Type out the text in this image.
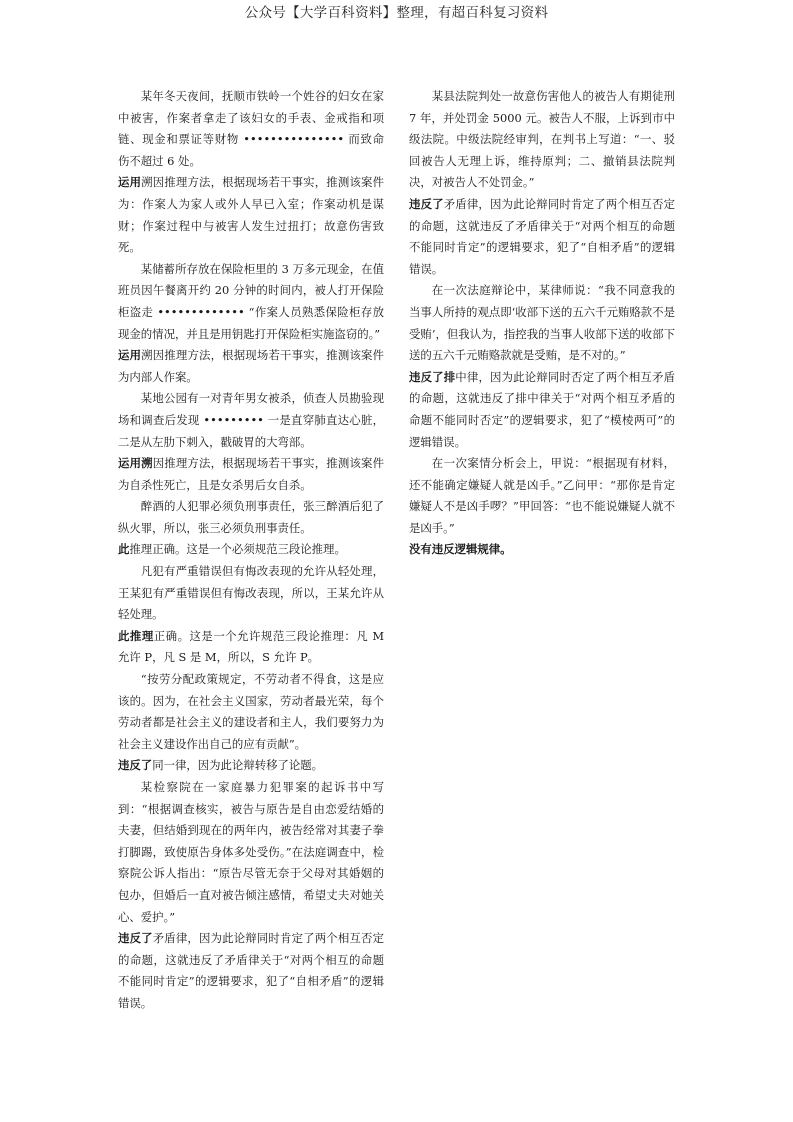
公众号【大学百科资料】整理，有超百科复习资料

某年冬天夜间，抚顺市铁岭一个姓谷的妇女在家中被害，作案者拿走了该妇女的手表、金戒指和项链、现金和票证等财物 ••••••••••••••• 而致命伤不超过 6 处。

运用溯因推理方法，根据现场若干事实，推测该案件为：作案人为家人或外人早已入室；作案动机是谋财；作案过程中与被害人发生过扭打；故意伤害致死。

某储蓄所存放在保险柜里的 3 万多元现金，在值班员因午餐离开约 20 分钟的时间内，被人打开保险柜盗走 ••••••••••••• “作案人员熟悉保险柜存放现金的情况，并且是用钥匙打开保险柜实施盗窃的。”

运用溯因推理方法，根据现场若干事实，推测该案件为内部人作案。

某地公园有一对青年男女被杀，侦查人员勘验现场和调查后发现 ••••••••• 一是直穿肺直达心脏，二是从左肋下刺入，戳破胃的大弯部。

运用溯因推理方法，根据现场若干事实，推测该案件为自杀性死亡，且是女杀男后女自杀。

醉酒的人犯罪必须负刑事责任，张三醉酒后犯了纵火罪，所以，张三必须负刑事责任。

此推理正确。这是一个必须规范三段论推理。

凡犯有严重错误但有悔改表现的允许从轻处理，王某犯有严重错误但有悔改表现，所以，王某允许从轻处理。

此推理正确。这是一个允许规范三段论推理：凡 M 允许 P，凡 S 是 M，所以，S 允许 P。

“按劳分配政策规定，不劳动者不得食，这是应该的。因为，在社会主义国家，劳动者最光荣，每个劳动者都是社会主义的建设者和主人，我们要努力为社会主义建设作出自己的应有贡献”。

违反了同一律，因为此论辩转移了论题。

某检察院在一家庭暴力犯罪案的起诉书中写到：“根据调查核实，被告与原告是自由恋爱结婚的夫妻，但结婚到现在的两年内，被告经常对其妻子拳打脚踢，致使原告身体多处受伤。”在法庭调查中，检察院公诉人指出：“原告尽管无奈于父母对其婚姻的包办，但婚后一直对被告倾注感情，希望丈夫对她关心、爱护。”

违反了矛盾律，因为此论辩同时肯定了两个相互否定的命题，这就违反了矛盾律关于“对两个相互的命题不能同时肯定”的逻辑要求，犯了“自相矛盾”的逻辑错误。

某县法院判处一故意伤害他人的被告人有期徒刑 7 年，并处罚金 5000 元。被告人不服，上诉到市中级法院。中级法院经审判，在判书上写道：“一、驳回被告人无理上诉，维持原判；二、撤销县法院判决，对被告人不处罚金。”

违反了矛盾律，因为此论辩同时肯定了两个相互否定的命题，这就违反了矛盾律关于“对两个相互的命题不能同时肯定”的逻辑要求，犯了“自相矛盾”的逻辑错误。

在一次法庭辩论中，某律师说：“我不同意我的当事人所持的观点即‘收部下送的五六千元贿赂款不是受贿’，但我认为，指控我的当事人收部下送的收部下送的五六千元贿赂款就是受贿，是不对的。”

违反了排中律，因为此论辩同时否定了两个相互矛盾的命题，这就违反了排中律关于“对两个相互矛盾的命题不能同时否定”的逻辑要求，犯了“模棱两可”的逻辑错误。

在一次案情分析会上，甲说：“根据现有材料，还不能确定嫌疑人就是凶手。”乙问甲：“那你是肯定嫌疑人不是凶手啰？”甲回答：“也不能说嫌疑人就不是凶手。”

没有违反逻辑规律。
